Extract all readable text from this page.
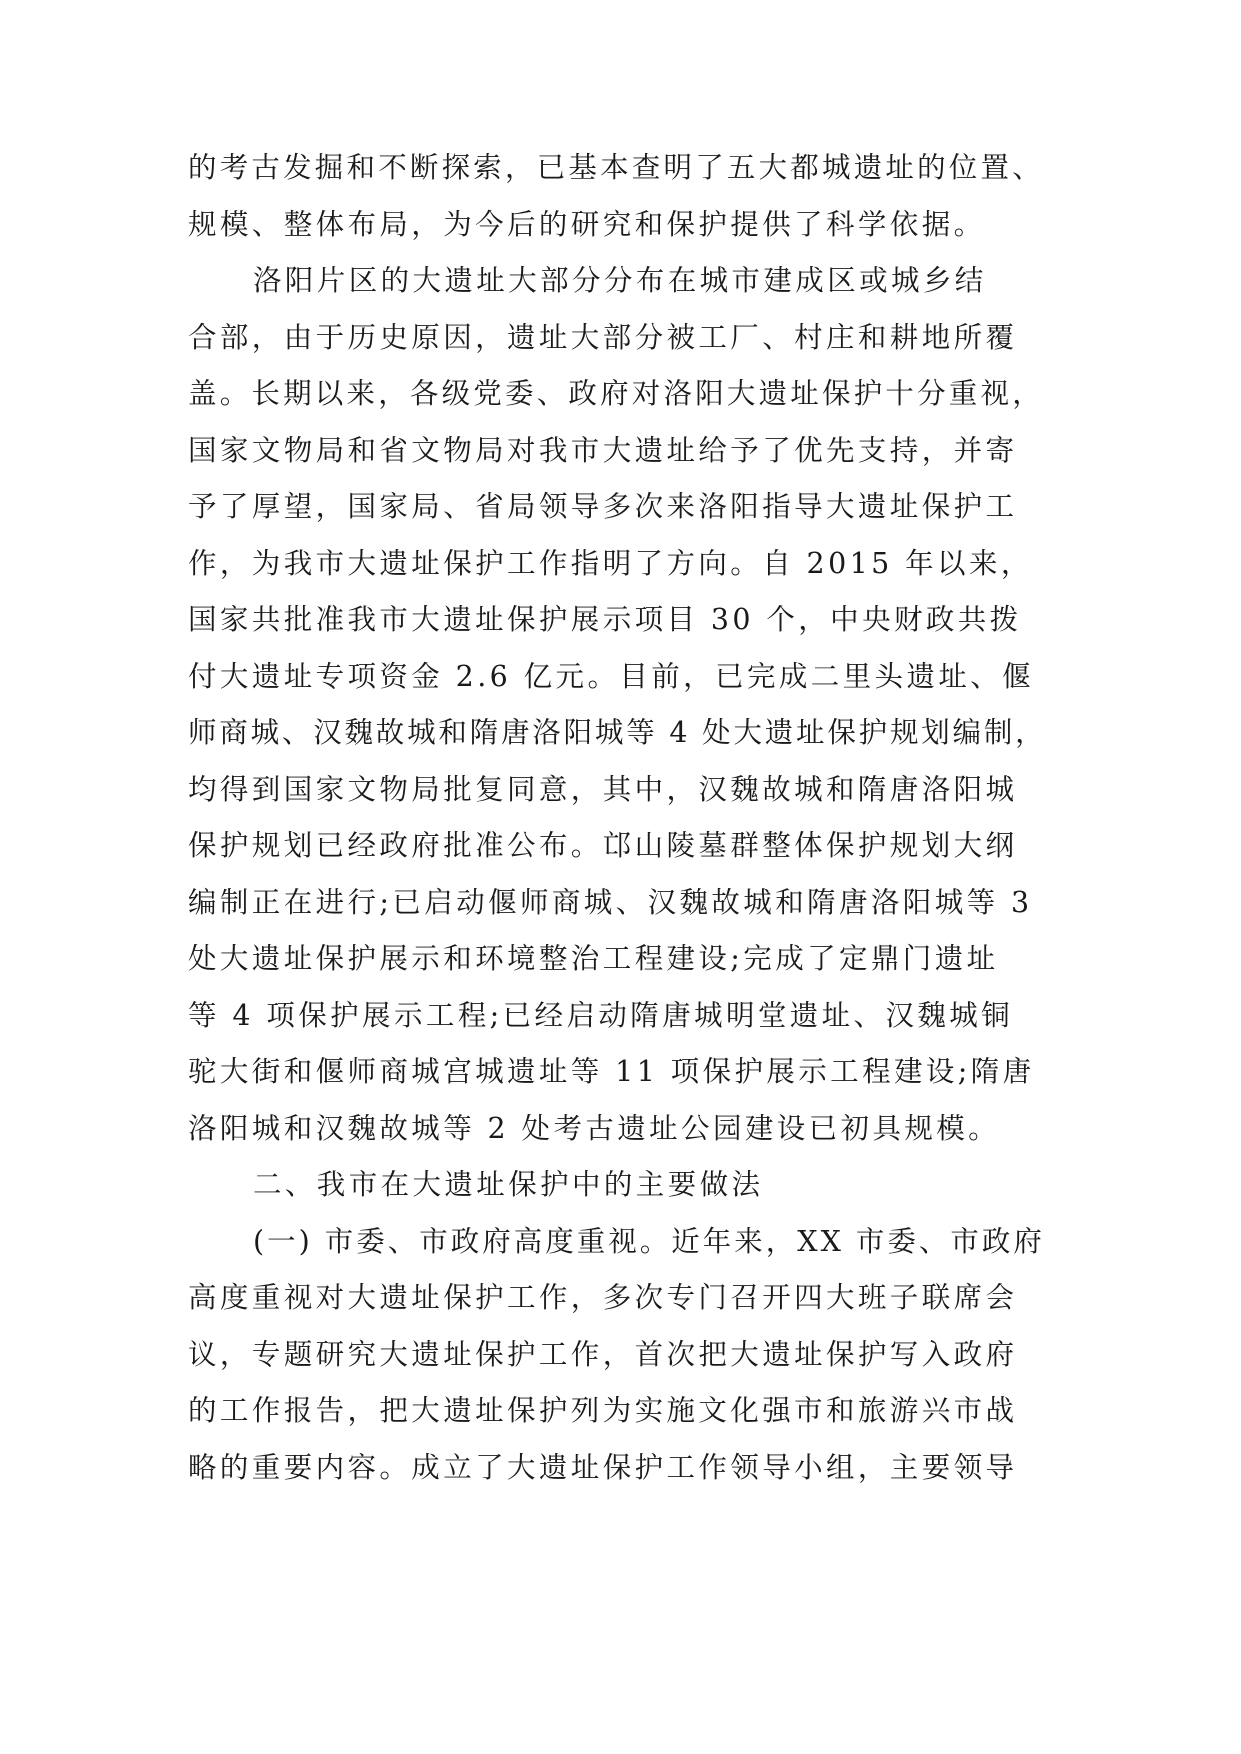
的考古发掘和不断探索，已基本查明了五大都城遗址的位置、
规模、整体布局，为今后的研究和保护提供了科学依据。
洛阳片区的大遗址大部分分布在城市建成区或城乡结
合部，由于历史原因，遗址大部分被工厂、村庄和耕地所覆
盖。长期以来，各级党委、政府对洛阳大遗址保护十分重视，
国家文物局和省文物局对我市大遗址给予了优先支持，并寄
予了厚望，国家局、省局领导多次来洛阳指导大遗址保护工
作，为我市大遗址保护工作指明了方向。自 2015 年以来，
国家共批准我市大遗址保护展示项目 30 个，中央财政共拨
付大遗址专项资金 2.6 亿元。目前，已完成二里头遗址、偃
师商城、汉魏故城和隋唐洛阳城等 4 处大遗址保护规划编制，
均得到国家文物局批复同意，其中，汉魏故城和隋唐洛阳城
保护规划已经政府批准公布。邙山陵墓群整体保护规划大纲
编制正在进行;已启动偃师商城、汉魏故城和隋唐洛阳城等 3
处大遗址保护展示和环境整治工程建设;完成了定鼎门遗址
等 4 项保护展示工程;已经启动隋唐城明堂遗址、汉魏城铜
驼大街和偃师商城宫城遗址等 11 项保护展示工程建设;隋唐
洛阳城和汉魏故城等 2 处考古遗址公园建设已初具规模。
二、我市在大遗址保护中的主要做法
(一) 市委、市政府高度重视。近年来，XX 市委、市政府
高度重视对大遗址保护工作，多次专门召开四大班子联席会
议，专题研究大遗址保护工作，首次把大遗址保护写入政府
的工作报告，把大遗址保护列为实施文化强市和旅游兴市战
略的重要内容。成立了大遗址保护工作领导小组，主要领导
